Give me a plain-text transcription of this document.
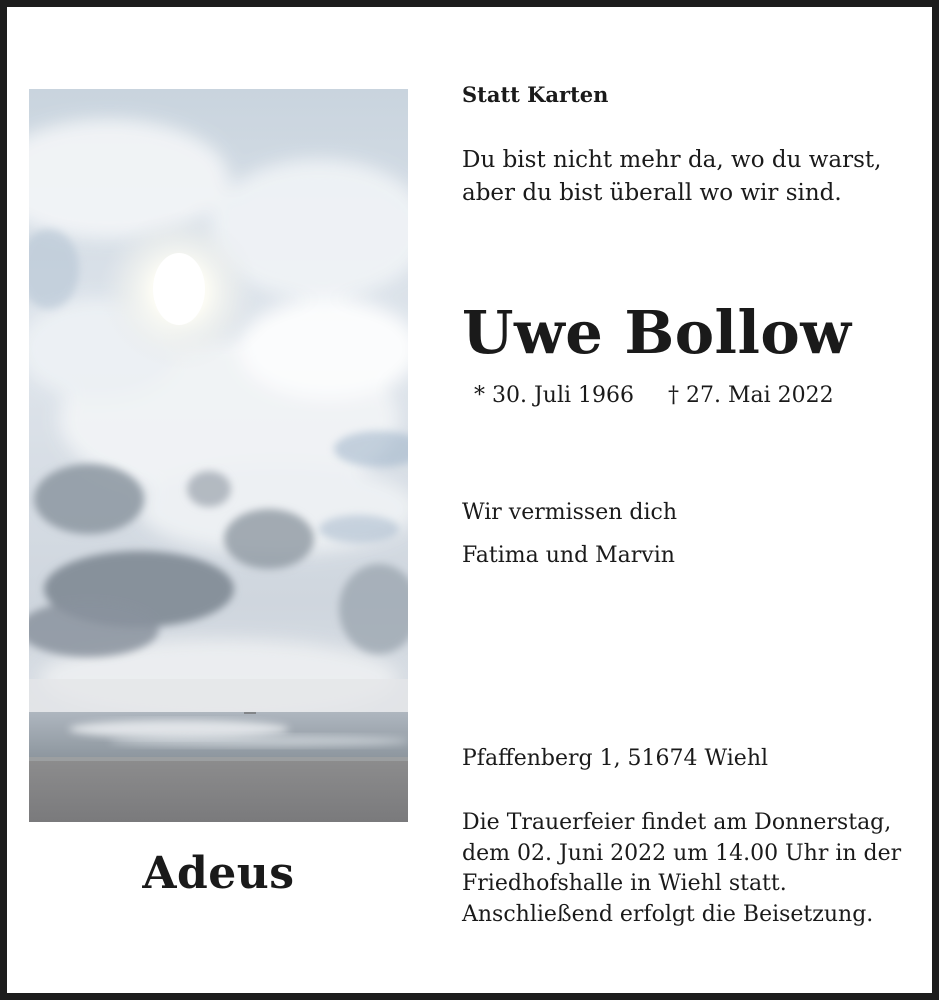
Adeus
Statt Karten
Du bist nicht mehr da, wo du warst,
aber du bist überall wo wir sind.
Uwe Bollow
* 30. Juli 1966 † 27. Mai 2022
Wir vermissen dich
Fatima und Marvin
Pfaffenberg 1, 51674 Wiehl
Die Trauerfeier findet am Donnerstag,
dem 02. Juni 2022 um 14.00 Uhr in der
Friedhofshalle in Wiehl statt.
Anschließend erfolgt die Beisetzung.
